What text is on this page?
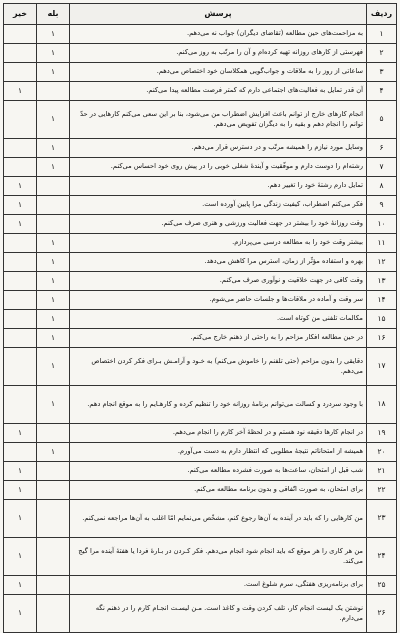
ردیف	پرسش	بله	خیر
۱	به مزاحمت‌های حین مطالعه (تقاضای دیگران) جواب نه می‌دهم.	۱	
۲	فهرستی از کارهای روزانه تهیه کرده‌ام و آن را مرتّب به روز می‌کنم.	۱	
۳	ساعاتی از روز را به ملاقات و جواب‌گویی همکلاسان خود اختصاص می‌دهم.	۱	
۴	آن قدر تمایل به فعالیت‌های اجتماعی دارم که کمتر فرصت مطالعه پیدا می‌کنم.		۱
۵	انجام کارهای خارج از توانم باعث افزایش اضطراب من می‌شود، بنا بر این سعی می‌کنم کارهایی در حدّ توانم را انجام دهم و بقیه را به دیگران تفویض می‌دهم.	۱	
۶	وسایل مورد نیازم را همیشه مرتّب و در دسترس قرار می‌دهم.	۱	
۷	رشته‌ام را دوست دارم و موفّقیت و آیندهٔ شغلی خوبی را در پیش روی خود احساس می‌کنم.	۱	
۸	تمایل دارم رشتهٔ خود را تغییر دهم.		۱
۹	فکر می‌کنم اضطراب، کیفیت زندگی مرا پایین آورده است.		۱
۱۰	وقت روزانهٔ خود را بیشتر در جهت فعالیت ورزشی و هنری صرف می‌کنم.		۱
۱۱	بیشتر وقت خود را به مطالعه درسی می‌پردازم.	۱	
۱۲	بهره و استفاده مؤثّر از زمان، استرس مرا کاهش می‌دهد.	۱	
۱۳	وقت کافی در جهت خلاقیت و نوآوری صرف می‌کنم.	۱	
۱۴	سر وقت و آماده در ملاقات‌ها و جلسات حاضر می‌شوم.	۱	
۱۵	مکالمات تلفنی من کوتاه است.	۱	
۱۶	در حین مطالعه افکار مزاحم را به راحتی از ذهنم خارج می‌کنم.	۱	
۱۷	دقایقی را بدون مزاحم (حتی تلفنم را خاموش می‌کنم) به خـود و آرامـش بـرای فکر کردن اختصاص می‌دهم.	۱	
۱۸	با وجود سردرد و کسالت می‌توانم برنامهٔ روزانه خود را تنظیم کرده و کارهـایم را به موقع انجام دهم.	۱	
۱۹	در انجام کارها دقیقه نود هستم و در لحظهٔ آخر کارم را انجام می‌دهم.		۱
۲۰	همیشه از امتحاناتم نتیجهٔ مطلوبی که انتظار دارم به دست می‌آورم.	۱	
۲۱	شب قبل از امتحان، ساعت‌ها به صورت فشرده مطالعه می‌کنم.		۱
۲۲	برای امتحان، به صورت اتّفاقی و بدون برنامه مطالعه می‌کنم.		۱
۲۳	من کارهایی را که باید در آینده به آن‌ها رجوع کنم، مشخّص می‌نمایم امّا اغلب به آن‌ها مراجعه نمی‌کنم.		۱
۲۴	من هر کاری را هر موقع که باید انجام شود انجام می‌دهم. فکر کـردن در بـارهٔ فردا یا هفتهٔ آینده مرا گیج می‌کند.		۱
۲۵	برای برنامه‌ریزی هفتگی، سرم شلوغ است.		۱
۲۶	نوشتن یک لیست انجام کار، تلف کردن وقت و کاغذ است. مـن لیسـت انجـام کارم را در ذهنم نگه می‌دارم.		۱
